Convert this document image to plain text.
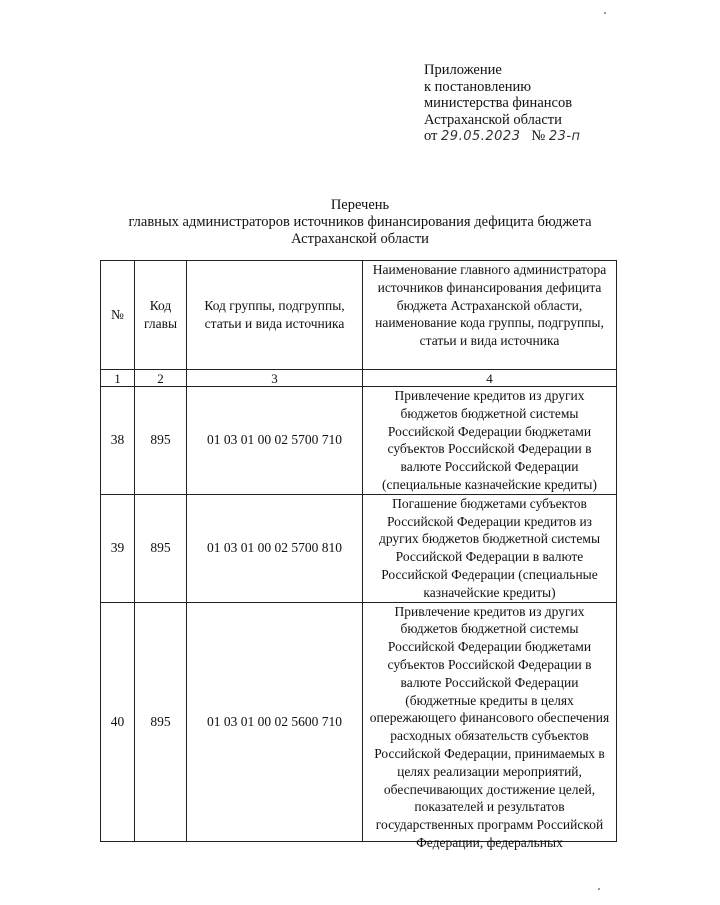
Приложение
к постановлению
министерства финансов
Астраханской области
от 29.05.2023 № 23-п
Перечень
главных администраторов источников финансирования дефицита бюджета
Астраханской области
№	Код главы	Код группы, подгруппы, статьи и вида источника	Наименование главного администратора источников финансирования дефицита бюджета Астраханской области, наименование кода группы, подгруппы, статьи и вида источника
1	2	3	4
38	895	01 03 01 00 02 5700 710	Привлечение кредитов из других бюджетов бюджетной системы Российской Федерации бюджетами субъектов Российской Федерации в валюте Российской Федерации (специальные казначейские кредиты)
39	895	01 03 01 00 02 5700 810	Погашение бюджетами субъектов Российской Федерации кредитов из других бюджетов бюджетной системы Российской Федерации в валюте Российской Федерации (специальные казначейские кредиты)
40	895	01 03 01 00 02 5600 710	Привлечение кредитов из других бюджетов бюджетной системы Российской Федерации бюджетами субъектов Российской Федерации в валюте Российской Федерации (бюджетные кредиты в целях опережающего финансового обеспечения расходных обязательств субъектов Российской Федерации, принимаемых в целях реализации мероприятий, обеспечивающих достижение целей, показателей и результатов государственных программ Российской Федерации, федеральных
